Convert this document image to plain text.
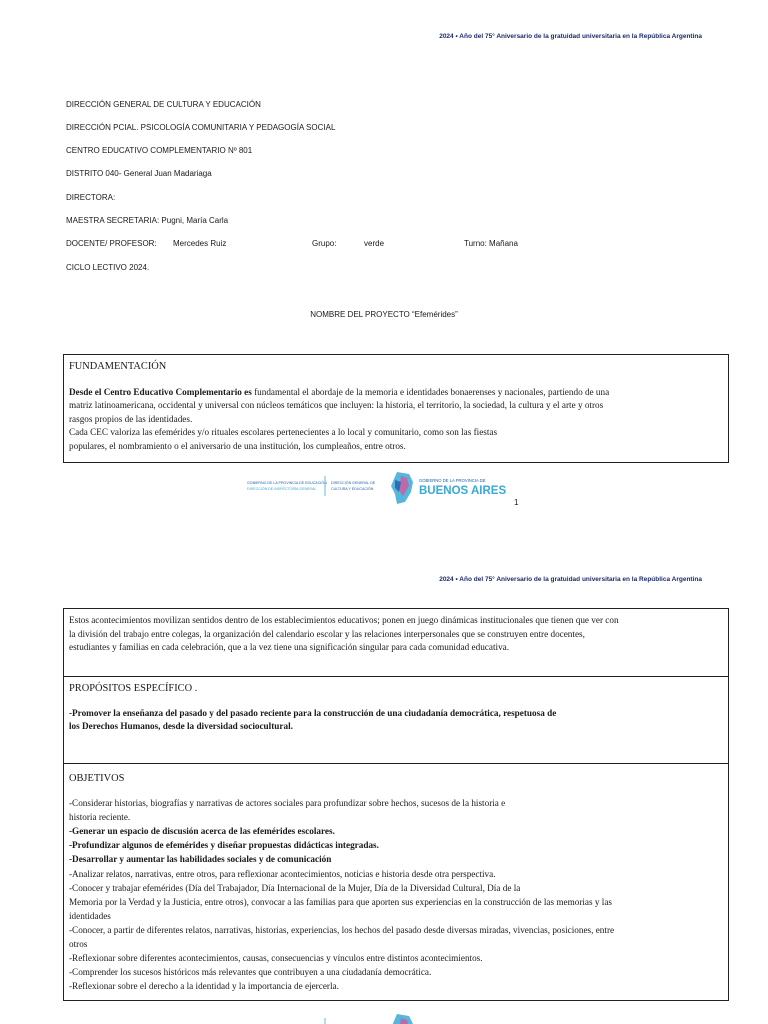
2024 • Año del 75° Aniversario de la gratuidad universitaria en la República Argentina
DIRECCIÓN GENERAL DE CULTURA Y EDUCACIÓN
DIRECCIÓN PCIAL. PSICOLOGÍA COMUNITARIA Y PEDAGOGÍA SOCIAL
CENTRO EDUCATIVO COMPLEMENTARIO Nº 801
DISTRITO 040- General Juan Madariaga
DIRECTORA:
MAESTRA SECRETARIA: Pugni, María Carla
DOCENTE/ PROFESOR: Mercedes Ruiz	Grupo:	verde	Turno: Mañana
CICLO LECTIVO 2024.
NOMBRE DEL PROYECTO “Efemérides”

FUNDAMENTACIÓN

Desde el Centro Educativo Complementario es fundamental el abordaje de la memoria e identidades bonaerenses y nacionales, partiendo de una

matriz latinoamericana, occidental y universal con núcleos temáticos que incluyen: la historia, el territorio, la sociedad, la cultura y el arte y otros

rasgos propios de las identidades.

Cada CEC valoriza las efemérides y/o rituales escolares pertenecientes a lo local y comunitario, como son las fiestas

populares, el nombramiento o el aniversario de una institución, los cumpleaños, entre otros.

GOBIERNO DE LA PROVINCIA DE EDUCACIÓN
DIRECCIÓN DE INSPECTORÍA GENERAL
DIRECCIÓN GENERAL DE
CULTURA Y EDUCACIÓN
GOBIERNO DE LA PROVINCIA DE
BUENOS AIRES
1
2024 • Año del 75° Aniversario de la gratuidad universitaria en la República Argentina

Estos acontecimientos movilizan sentidos dentro de los establecimientos educativos; ponen en juego dinámicas institucionales que tienen que ver con

la división del trabajo entre colegas, la organización del calendario escolar y las relaciones interpersonales que se construyen entre docentes,

estudiantes y familias en cada celebración, que a la vez tiene una significación singular para cada comunidad educativa.

PROPÓSITOS ESPECÍFICO .

-Promover la enseñanza del pasado y del pasado reciente para la construcción de una ciudadanía democrática, respetuosa de

los Derechos Humanos, desde la diversidad sociocultural.

OBJETIVOS

-Considerar historias, biografías y narrativas de actores sociales para profundizar sobre hechos, sucesos de la historia e

historia reciente.

-Generar un espacio de discusión acerca de las efemérides escolares.

-Profundizar algunos de efemérides y diseñar propuestas didácticas integradas.

-Desarrollar y aumentar las habilidades sociales y de comunicación

-Analizar relatos, narrativas, entre otros, para reflexionar acontecimientos, noticias e historia desde otra perspectiva.

-Conocer y trabajar efemérides (Día del Trabajador, Día Internacional de la Mujer, Día de la Diversidad Cultural, Día de la

Memoria por la Verdad y la Justicia, entre otros), convocar a las familias para que aporten sus experiencias en la construcción de las memorias y las

identidades

-Conocer, a partir de diferentes relatos, narrativas, historias, experiencias, los hechos del pasado desde diversas miradas, vivencias, posiciones, entre

otros

-Reflexionar sobre diferentes acontecimientos, causas, consecuencias y vínculos entre distintos acontecimientos.

-Comprender los sucesos históricos más relevantes que contribuyen a una ciudadanía democrática.

-Reflexionar sobre el derecho a la identidad y la importancia de ejercerla.
